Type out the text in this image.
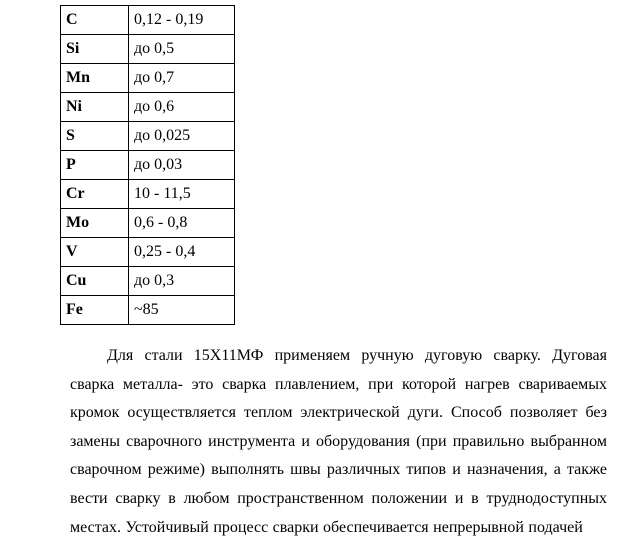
C	0,12 - 0,19
Si	до 0,5
Mn	до 0,7
Ni	до 0,6
S	до 0,025
P	до 0,03
Cr	10 - 11,5
Mo	0,6 - 0,8
V	0,25 - 0,4
Cu	до 0,3
Fe	~85

Для стали 15Х11МФ применяем ручную дуговую сварку. Дуговая сварка металла- это сварка плавлением, при которой нагрев свариваемых кромок осуществляется теплом электрической дуги. Способ позволяет без замены сварочного инструмента и оборудования (при правильно выбранном сварочном режиме) выполнять швы различных типов и назначения, а также вести сварку в любом пространственном положении и в труднодоступных местах. Устойчивый процесс сварки обеспечивается непрерывной подачей
